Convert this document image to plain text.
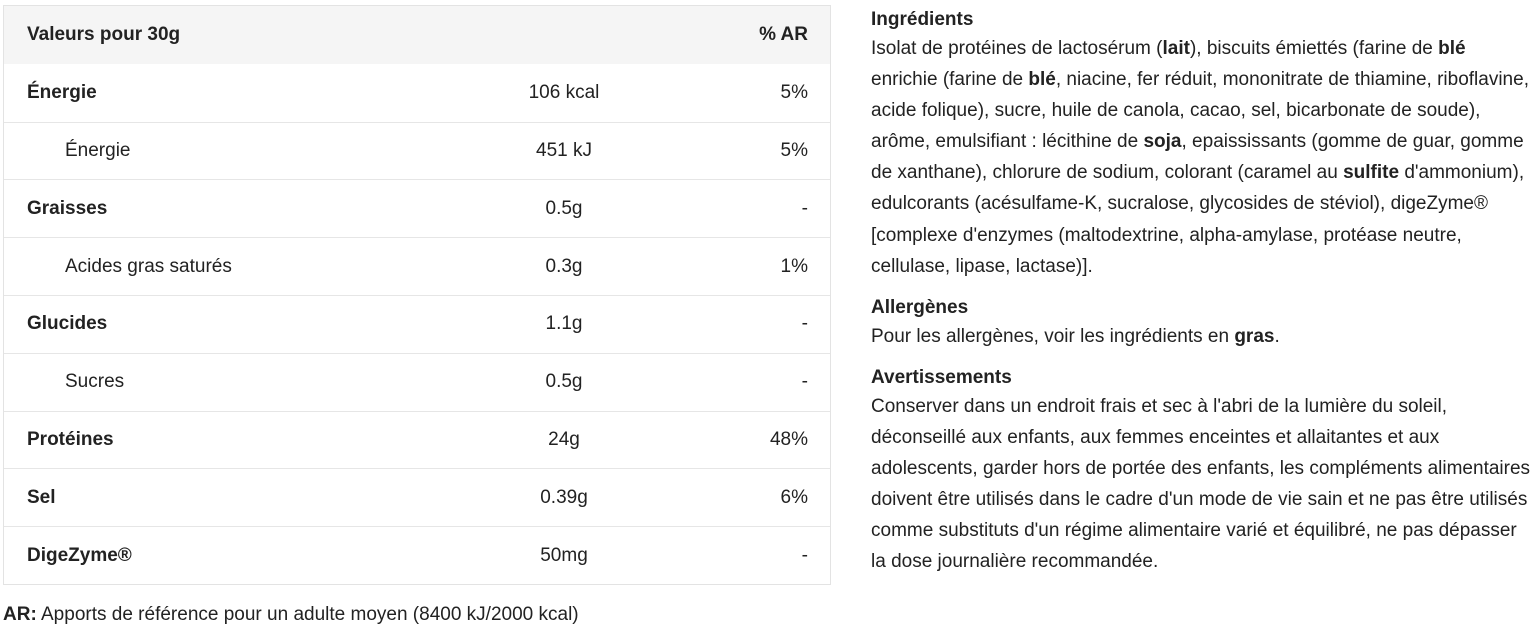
Valeurs pour 30g	% AR
Énergie	106 kcal	5%
Énergie	451 kJ	5%
Graisses	0.5g	-
Acides gras saturés	0.3g	1%
Glucides	1.1g	-
Sucres	0.5g	-
Protéines	24g	48%
Sel	0.39g	6%
DigeZyme®	50mg	-
AR: Apports de référence pour un adulte moyen (8400 kJ/2000 kcal)
Ingrédients

Isolat de protéines de lactosérum (lait), biscuits émiettés (farine de blé enrichie (farine de blé, niacine, fer réduit, mononitrate de thiamine, riboflavine, acide folique), sucre, huile de canola, cacao, sel, bicarbonate de soude), arôme, emulsifiant : lécithine de soja, epaississants (gomme de guar, gomme de xanthane), chlorure de sodium, colorant (caramel au sulfite d'ammonium), edulcorants (acésulfame-K, sucralose, glycosides de stéviol), digeZyme® [complexe d'enzymes (maltodextrine, alpha-amylase, protéase neutre, cellulase, lipase, lactase)].

Allergènes

Pour les allergènes, voir les ingrédients en gras.

Avertissements

Conserver dans un endroit frais et sec à l'abri de la lumière du soleil, déconseillé aux enfants, aux femmes enceintes et allaitantes et aux adolescents, garder hors de portée des enfants, les compléments alimentaires doivent être utilisés dans le cadre d'un mode de vie sain et ne pas être utilisés comme substituts d'un régime alimentaire varié et équilibré, ne pas dépasser la dose journalière recommandée.
